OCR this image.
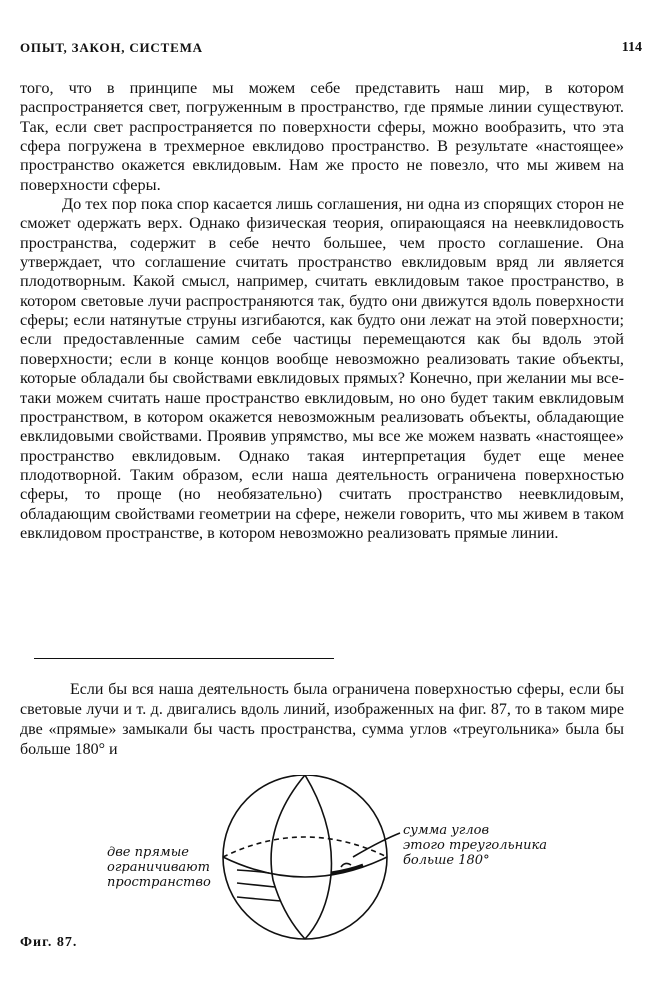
ОПЫТ, ЗАКОН, СИСТЕМА	114

того, что в принципе мы можем себе представить наш мир, в котором распространяется свет, погруженным в пространство, где прямые линии существуют. Так, если свет распространяется по поверхности сферы, можно вообразить, что эта сфера погружена в трехмерное евклидово пространство. В результате «настоящее» пространство окажется евклидовым. Нам же просто не повезло, что мы живем на поверхности сферы.

До тех пор пока спор касается лишь соглашения, ни одна из спорящих сторон не сможет одержать верх. Однако физическая теория, опирающаяся на неевклидовость пространства, содержит в себе нечто большее, чем просто соглашение. Она утверждает, что соглашение считать пространство евклидовым вряд ли является плодотворным. Какой смысл, например, считать евклидовым такое пространство, в котором световые лучи распространяются так, будто они движутся вдоль поверхности сферы; если натянутые струны изгибаются, как будто они лежат на этой поверхности; если предоставленные самим себе частицы перемещаются как бы вдоль этой поверхности; если в конце концов вообще невозможно реализовать такие объекты, которые обладали бы свойствами евклидовых прямых? Конечно, при желании мы все-таки можем считать наше пространство евклидовым, но оно будет таким евклидовым пространством, в котором окажется невозможным реализовать объекты, обладающие евклидовыми свойствами. Проявив упрямство, мы все же можем назвать «настоящее» пространство евклидовым. Однако такая интерпретация будет еще менее плодотворной. Таким образом, если наша деятельность ограничена поверхностью сферы, то проще (но необязательно) считать пространство неевклидовым, обладающим свойствами геометрии на сфере, нежели говорить, что мы живем в таком евклидовом пространстве, в котором невозможно реализовать прямые линии.

Если бы вся наша деятельность была ограничена поверхностью сферы, если бы световые лучи и т. д. двигались вдоль линий, изображенных на фиг. 87, то в таком мире две «прямые» замыкали бы часть пространства, сумма углов «треугольника» была бы больше 180° и

две прямые
ограничивают
пространство
сумма углов
этого треугольника
больше 180°
Фиг. 87.
